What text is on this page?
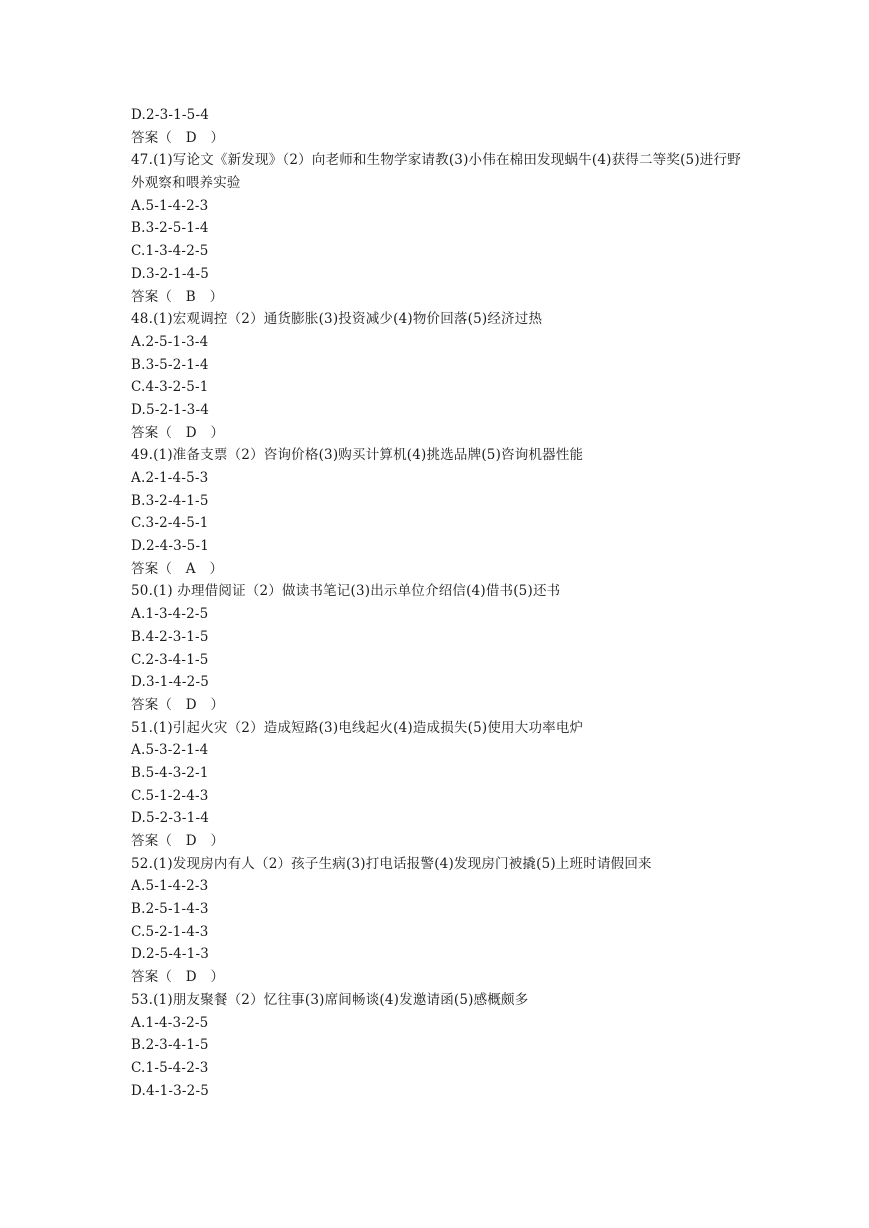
D.2-3-1-5-4
答案（　D　）
47.(1)写论文《新发现》（2）向老师和生物学家请教(3)小伟在棉田发现蜗牛(4)获得二等奖(5)进行野外观察和喂养实验
A.5-1-4-2-3
B.3-2-5-1-4
C.1-3-4-2-5
D.3-2-1-4-5
答案（　B　）
48.(1)宏观调控（2）通货膨胀(3)投资减少(4)物价回落(5)经济过热
A.2-5-1-3-4
B.3-5-2-1-4
C.4-3-2-5-1
D.5-2-1-3-4
答案（　D　）
49.(1)准备支票（2）咨询价格(3)购买计算机(4)挑选品牌(5)咨询机器性能
A.2-1-4-5-3
B.3-2-4-1-5
C.3-2-4-5-1
D.2-4-3-5-1
答案（　A　）
50.(1) 办理借阅证（2）做读书笔记(3)出示单位介绍信(4)借书(5)还书
A.1-3-4-2-5
B.4-2-3-1-5
C.2-3-4-1-5
D.3-1-4-2-5
答案（　D　）
51.(1)引起火灾（2）造成短路(3)电线起火(4)造成损失(5)使用大功率电炉
A.5-3-2-1-4
B.5-4-3-2-1
C.5-1-2-4-3
D.5-2-3-1-4
答案（　D　）
52.(1)发现房内有人（2）孩子生病(3)打电话报警(4)发现房门被撬(5)上班时请假回来
A.5-1-4-2-3
B.2-5-1-4-3
C.5-2-1-4-3
D.2-5-4-1-3
答案（　D　）
53.(1)朋友聚餐（2）忆往事(3)席间畅谈(4)发邀请函(5)感概颇多
A.1-4-3-2-5
B.2-3-4-1-5
C.1-5-4-2-3
D.4-1-3-2-5
